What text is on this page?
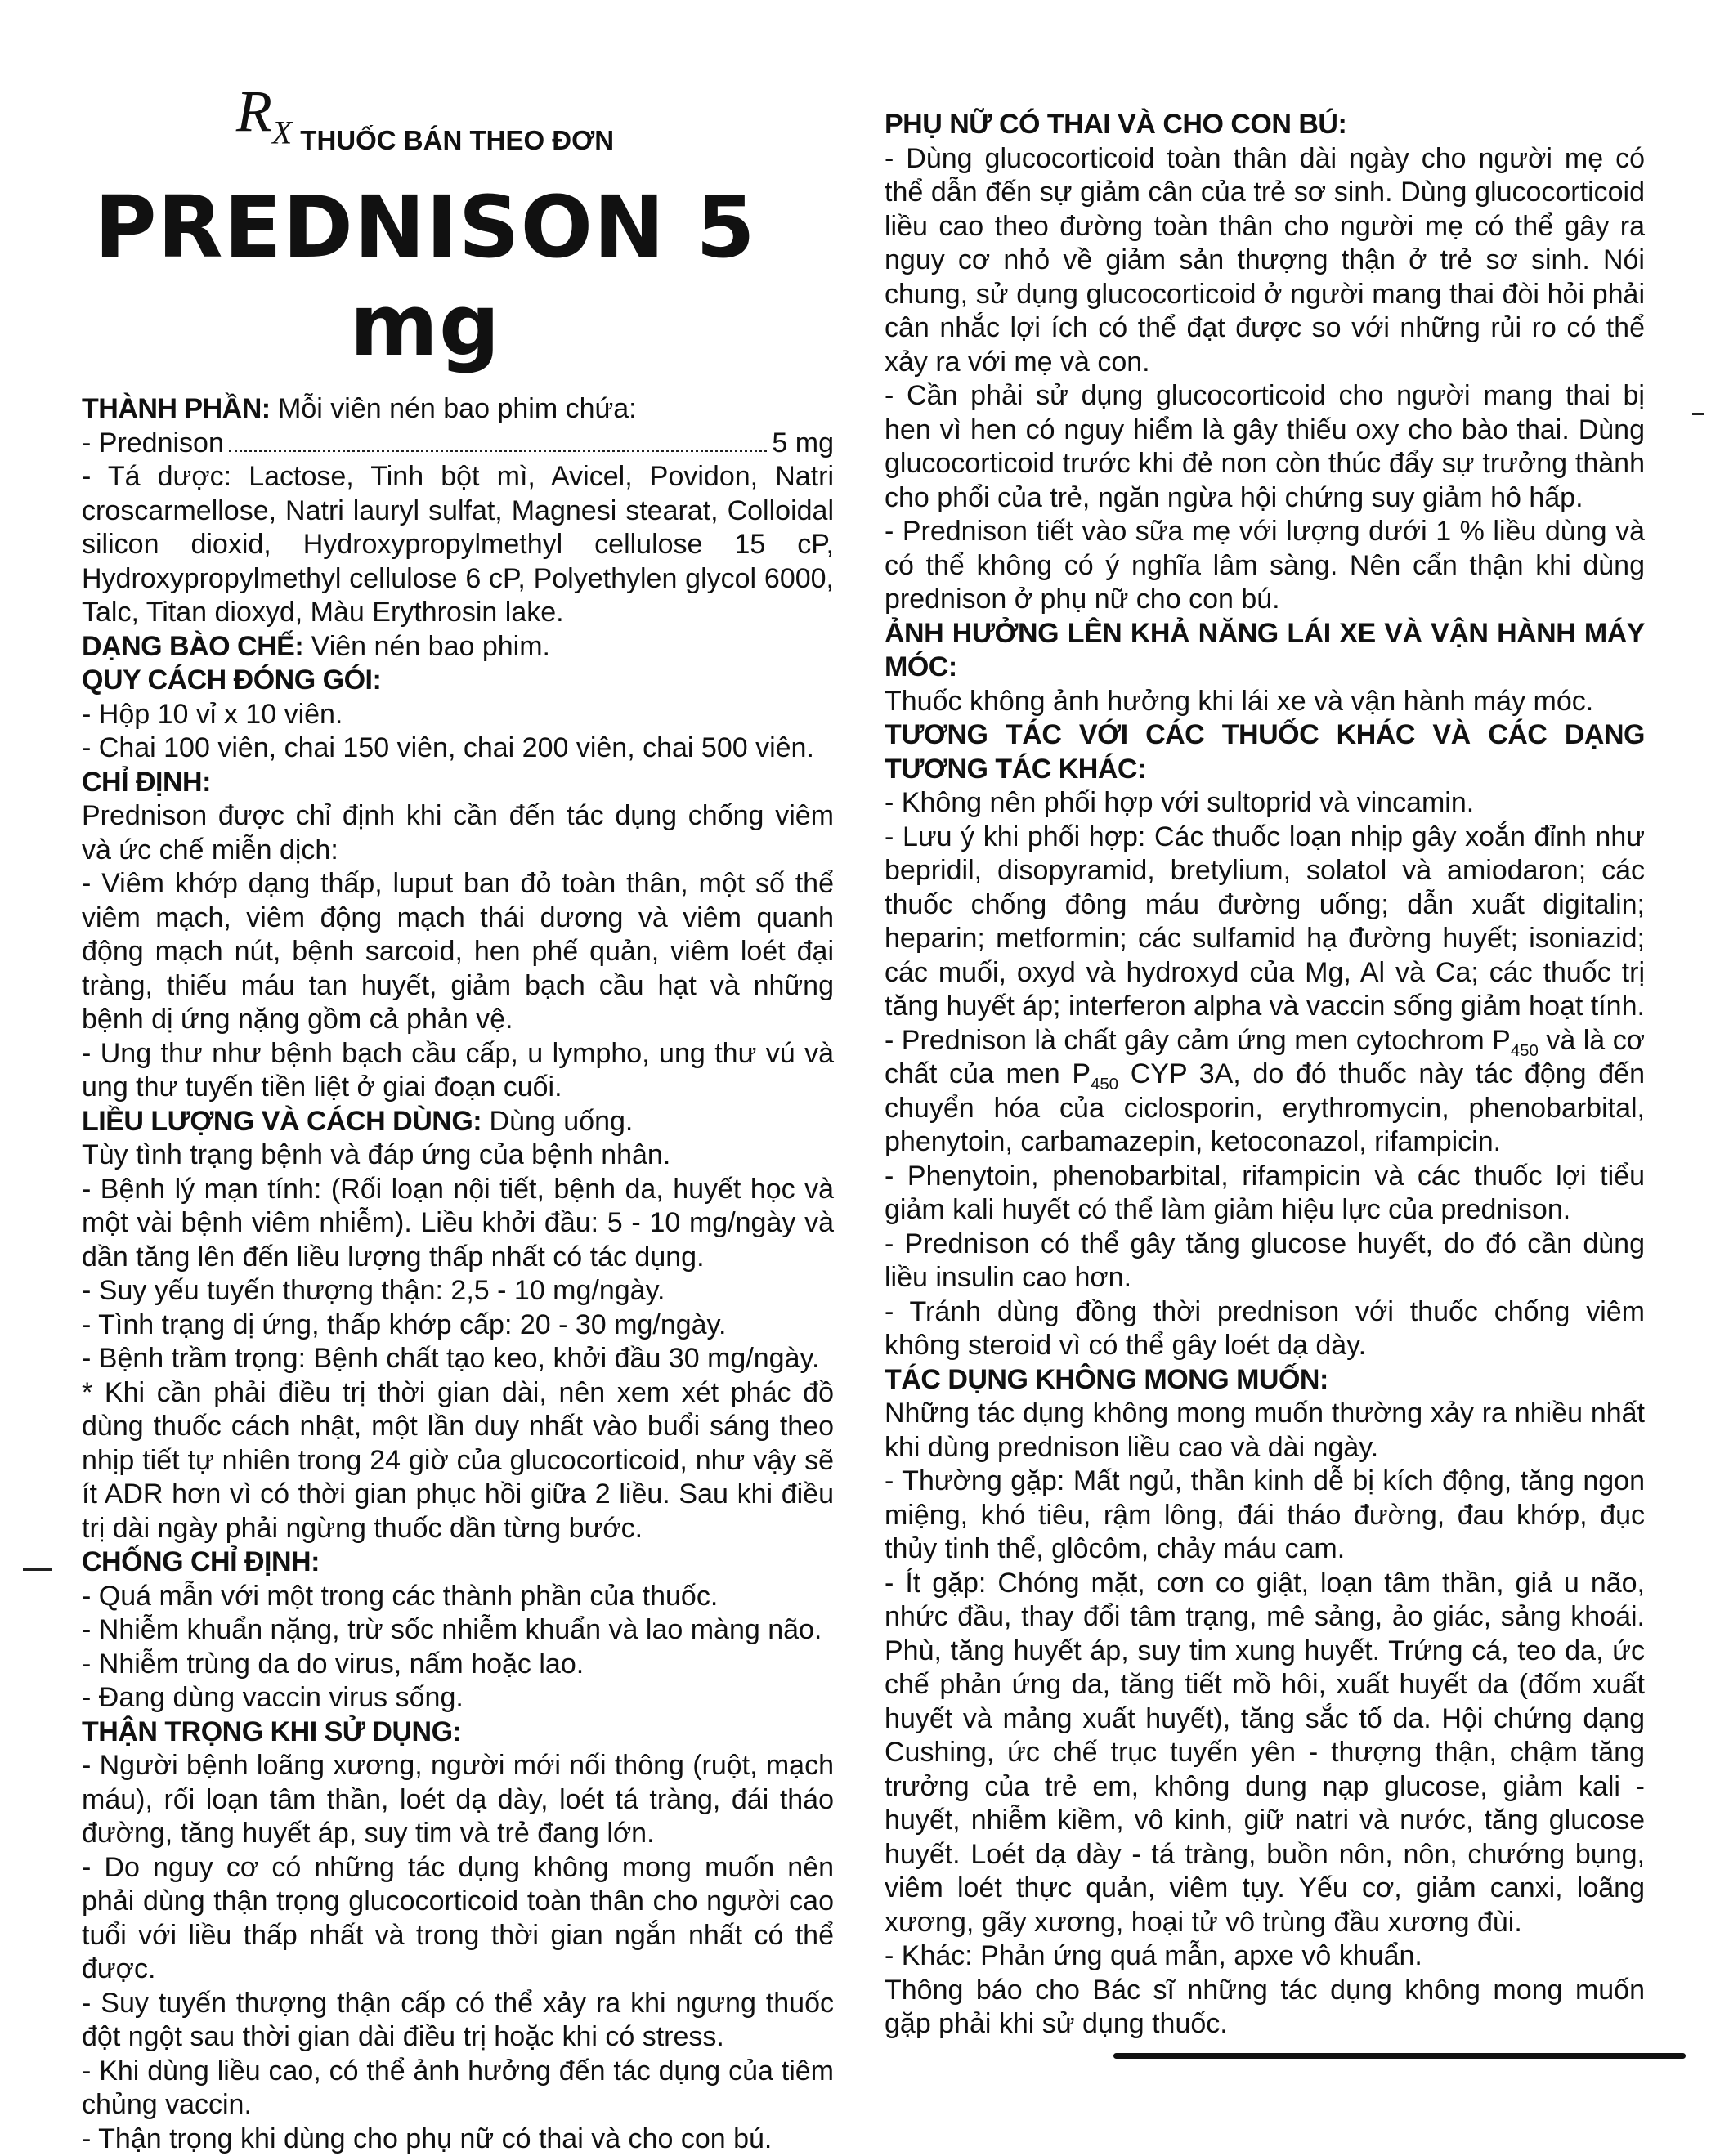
$R_X$ THUỐC BÁN THEO ĐƠN
PREDNISON 5 mg

THÀNH PHẦN: Mỗi viên nén bao phim chứa:

- Prednison	5 mg

- Tá dược: Lactose, Tinh bột mì, Avicel, Povidon, Natri croscarmellose, Natri lauryl sulfat, Magnesi stearat, Colloidal silicon dioxid, Hydroxypropylmethyl cellulose 15 cP, Hydroxypropylmethyl cellulose 6 cP, Polyethylen glycol 6000, Talc, Titan dioxyd, Màu Erythrosin lake.

DẠNG BÀO CHẾ: Viên nén bao phim.

QUY CÁCH ĐÓNG GÓI:

- Hộp 10 vỉ x 10 viên.

- Chai 100 viên, chai 150 viên, chai 200 viên, chai 500 viên.

CHỈ ĐỊNH:

Prednison được chỉ định khi cần đến tác dụng chống viêm và ức chế miễn dịch:

- Viêm khớp dạng thấp, luput ban đỏ toàn thân, một số thể viêm mạch, viêm động mạch thái dương và viêm quanh động mạch nút, bệnh sarcoid, hen phế quản, viêm loét đại tràng, thiếu máu tan huyết, giảm bạch cầu hạt và những bệnh dị ứng nặng gồm cả phản vệ.

- Ung thư như bệnh bạch cầu cấp, u lympho, ung thư vú và ung thư tuyến tiền liệt ở giai đoạn cuối.

LIỀU LƯỢNG VÀ CÁCH DÙNG: Dùng uống.

Tùy tình trạng bệnh và đáp ứng của bệnh nhân.

- Bệnh lý mạn tính: (Rối loạn nội tiết, bệnh da, huyết học và một vài bệnh viêm nhiễm). Liều khởi đầu: 5 - 10 mg/ngày và dần tăng lên đến liều lượng thấp nhất có tác dụng.

- Suy yếu tuyến thượng thận: 2,5 - 10 mg/ngày.

- Tình trạng dị ứng, thấp khớp cấp: 20 - 30 mg/ngày.

- Bệnh trầm trọng: Bệnh chất tạo keo, khởi đầu 30 mg/ngày.

* Khi cần phải điều trị thời gian dài, nên xem xét phác đồ dùng thuốc cách nhật, một lần duy nhất vào buổi sáng theo nhịp tiết tự nhiên trong 24 giờ của glucocorticoid, như vậy sẽ ít ADR hơn vì có thời gian phục hồi giữa 2 liều. Sau khi điều trị dài ngày phải ngừng thuốc dần từng bước.

CHỐNG CHỈ ĐỊNH:

- Quá mẫn với một trong các thành phần của thuốc.

- Nhiễm khuẩn nặng, trừ sốc nhiễm khuẩn và lao màng não.

- Nhiễm trùng da do virus, nấm hoặc lao.

- Đang dùng vaccin virus sống.

THẬN TRỌNG KHI SỬ DỤNG:

- Người bệnh loãng xương, người mới nối thông (ruột, mạch máu), rối loạn tâm thần, loét dạ dày, loét tá tràng, đái tháo đường, tăng huyết áp, suy tim và trẻ đang lớn.

- Do nguy cơ có những tác dụng không mong muốn nên phải dùng thận trọng glucocorticoid toàn thân cho người cao tuổi với liều thấp nhất và trong thời gian ngắn nhất có thể được.

- Suy tuyến thượng thận cấp có thể xảy ra khi ngưng thuốc đột ngột sau thời gian dài điều trị hoặc khi có stress.

- Khi dùng liều cao, có thể ảnh hưởng đến tác dụng của tiêm chủng vaccin.

- Thận trọng khi dùng cho phụ nữ có thai và cho con bú.

PHỤ NỮ CÓ THAI VÀ CHO CON BÚ:

- Dùng glucocorticoid toàn thân dài ngày cho người mẹ có thể dẫn đến sự giảm cân của trẻ sơ sinh. Dùng glucocorticoid liều cao theo đường toàn thân cho người mẹ có thể gây ra nguy cơ nhỏ về giảm sản thượng thận ở trẻ sơ sinh. Nói chung, sử dụng glucocorticoid ở người mang thai đòi hỏi phải cân nhắc lợi ích có thể đạt được so với những rủi ro có thể xảy ra với mẹ và con.

- Cần phải sử dụng glucocorticoid cho người mang thai bị hen vì hen có nguy hiểm là gây thiếu oxy cho bào thai. Dùng glucocorticoid trước khi đẻ non còn thúc đẩy sự trưởng thành cho phổi của trẻ, ngăn ngừa hội chứng suy giảm hô hấp.

- Prednison tiết vào sữa mẹ với lượng dưới 1 % liều dùng và có thể không có ý nghĩa lâm sàng. Nên cẩn thận khi dùng prednison ở phụ nữ cho con bú.

ẢNH HƯỞNG LÊN KHẢ NĂNG LÁI XE VÀ VẬN HÀNH MÁY MÓC:

Thuốc không ảnh hưởng khi lái xe và vận hành máy móc.

TƯƠNG TÁC VỚI CÁC THUỐC KHÁC VÀ CÁC DẠNG TƯƠNG TÁC KHÁC:

- Không nên phối hợp với sultoprid và vincamin.

- Lưu ý khi phối hợp: Các thuốc loạn nhịp gây xoắn đỉnh như bepridil, disopyramid, bretylium, solatol và amiodaron; các thuốc chống đông máu đường uống; dẫn xuất digitalin; heparin; metformin; các sulfamid hạ đường huyết; isoniazid; các muối, oxyd và hydroxyd của Mg, Al và Ca; các thuốc trị tăng huyết áp; interferon alpha và vaccin sống giảm hoạt tính.

- Prednison là chất gây cảm ứng men cytochrom $P_{450}$ và là cơ chất của men $P_{450}$ CYP 3A, do đó thuốc này tác động đến chuyển hóa của ciclosporin, erythromycin, phenobarbital, phenytoin, carbamazepin, ketoconazol, rifampicin.

- Phenytoin, phenobarbital, rifampicin và các thuốc lợi tiểu giảm kali huyết có thể làm giảm hiệu lực của prednison.

- Prednison có thể gây tăng glucose huyết, do đó cần dùng liều insulin cao hơn.

- Tránh dùng đồng thời prednison với thuốc chống viêm không steroid vì có thể gây loét dạ dày.

TÁC DỤNG KHÔNG MONG MUỐN:

Những tác dụng không mong muốn thường xảy ra nhiều nhất khi dùng prednison liều cao và dài ngày.

- Thường gặp: Mất ngủ, thần kinh dễ bị kích động, tăng ngon miệng, khó tiêu, rậm lông, đái tháo đường, đau khớp, đục thủy tinh thể, glôcôm, chảy máu cam.

- Ít gặp: Chóng mặt, cơn co giật, loạn tâm thần, giả u não, nhức đầu, thay đổi tâm trạng, mê sảng, ảo giác, sảng khoái. Phù, tăng huyết áp, suy tim xung huyết. Trứng cá, teo da, ức chế phản ứng da, tăng tiết mồ hôi, xuất huyết da (đốm xuất huyết và mảng xuất huyết), tăng sắc tố da. Hội chứng dạng Cushing, ức chế trục tuyến yên - thượng thận, chậm tăng trưởng của trẻ em, không dung nạp glucose, giảm kali - huyết, nhiễm kiềm, vô kinh, giữ natri và nước, tăng glucose huyết. Loét dạ dày - tá tràng, buồn nôn, nôn, chướng bụng, viêm loét thực quản, viêm tụy. Yếu cơ, giảm canxi, loãng xương, gãy xương, hoại tử vô trùng đầu xương đùi.

- Khác: Phản ứng quá mẫn, apxe vô khuẩn.

Thông báo cho Bác sĩ những tác dụng không mong muốn gặp phải khi sử dụng thuốc.
